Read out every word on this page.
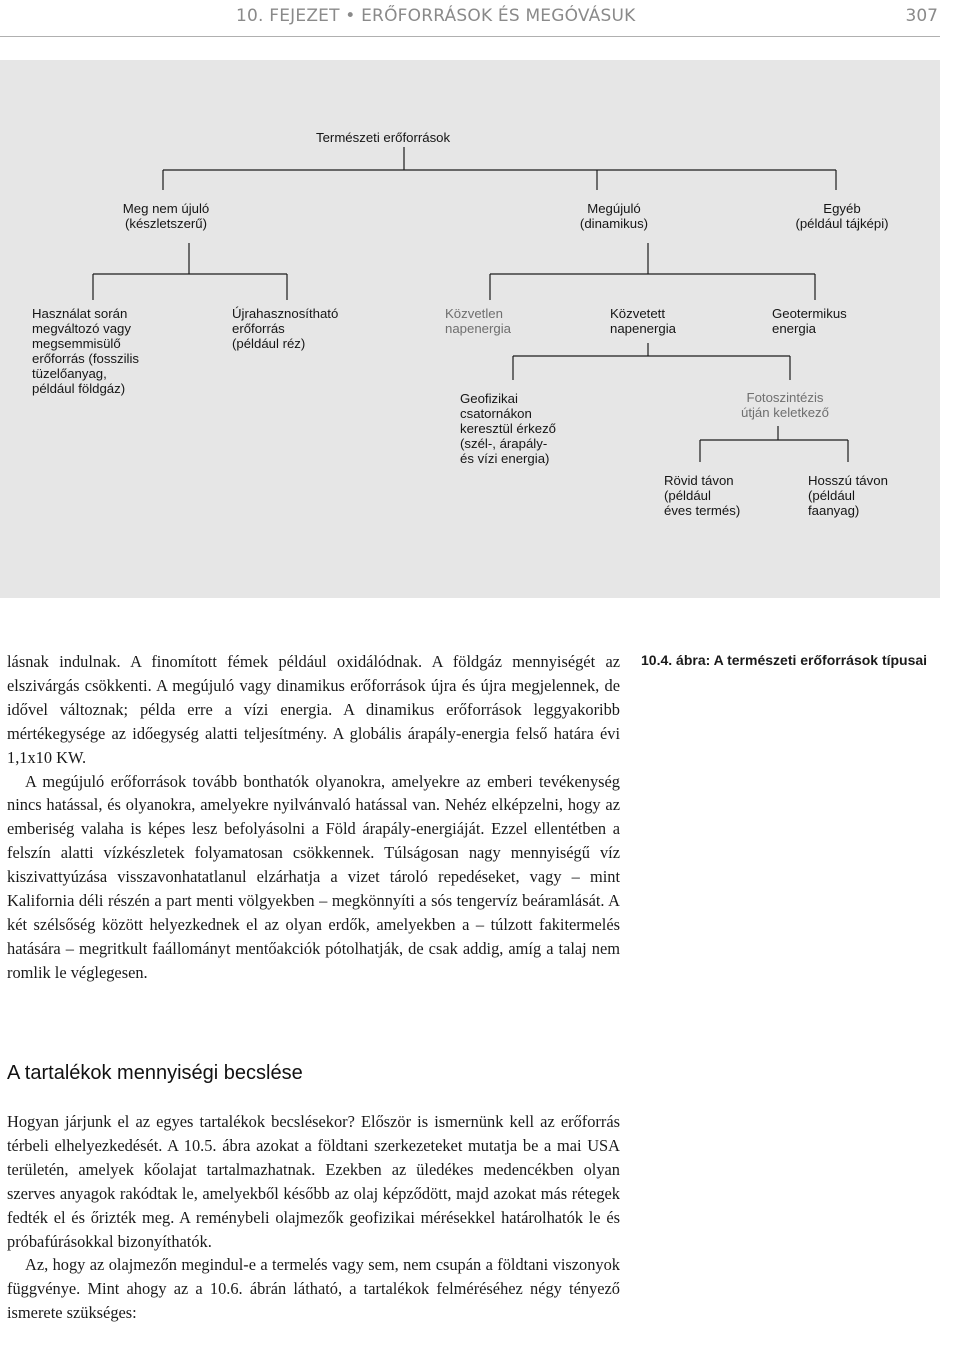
10. FEJEZET • ERŐFORRÁSOK ÉS MEGÓVÁSUK	307
Természeti erőforrások
Meg nem újuló
(készletszerű)
Megújuló
(dinamikus)
Egyéb
(például tájképi)
Használat során
megváltozó vagy
megsemmisülő
erőforrás (fosszilis
tüzelőanyag,
például földgáz)
Újrahasznosítható
erőforrás
(például réz)
Közvetlen
napenergia
Közvetett
napenergia
Geotermikus
energia
Geofizikai
csatornákon
keresztül érkező
(szél-, árapály-
és vízi energia)
Fotoszintézis
útján keletkező
Rövid távon
(például
éves termés)
Hosszú távon
(például
faanyag)

lásnak indulnak. A finomított fémek például oxidálódnak. A földgáz mennyiségét az elszivárgás csökkenti. A megújuló vagy dinamikus erőforrások újra és újra megjelennek, de idővel változnak; példa erre a vízi energia. A dinamikus erőforrások leggyakoribb mértékegysége az időegység alatti teljesítmény. A globális árapály-energia felső határa évi 1,1x10 KW.

A megújuló erőforrások tovább bonthatók olyanokra, amelyekre az emberi tevékenység nincs hatással, és olyanokra, amelyekre nyilvánvaló hatással van. Nehéz elképzelni, hogy az emberiség valaha is képes lesz befolyásolni a Föld árapály-energiáját. Ezzel ellentétben a felszín alatti vízkészletek folyamatosan csökkennek. Túlságosan nagy mennyiségű víz kiszivattyúzása visszavonhatatlanul elzárhatja a vizet tároló repedéseket, vagy – mint Kalifornia déli részén a part menti völgyekben – megkönnyíti a sós tengervíz beáramlását. A két szélsőség között helyezkednek el az olyan erdők, amelyekben a – túlzott fakitermelés hatására – megritkult faállományt mentőakciók pótolhatják, de csak addig, amíg a talaj nem romlik le véglegesen.

10.4. ábra: A természeti erőforrások típusai
A tartalékok mennyiségi becslése

Hogyan járjunk el az egyes tartalékok becslésekor? Először is ismernünk kell az erőforrás térbeli elhelyezkedését. A 10.5. ábra azokat a földtani szerkezeteket mutatja be a mai USA területén, amelyek kőolajat tartalmazhatnak. Ezekben az üledékes medencékben olyan szerves anyagok rakódtak le, amelyekből később az olaj képződött, majd azokat más rétegek fedték el és őrizték meg. A reménybeli olajmezők geofizikai mérésekkel határolhatók le és próbafúrásokkal bizonyíthatók.

Az, hogy az olajmezőn megindul-e a termelés vagy sem, nem csupán a földtani viszonyok függvénye. Mint ahogy az a 10.6. ábrán látható, a tartalékok felméréséhez négy tényező ismerete szükséges:
